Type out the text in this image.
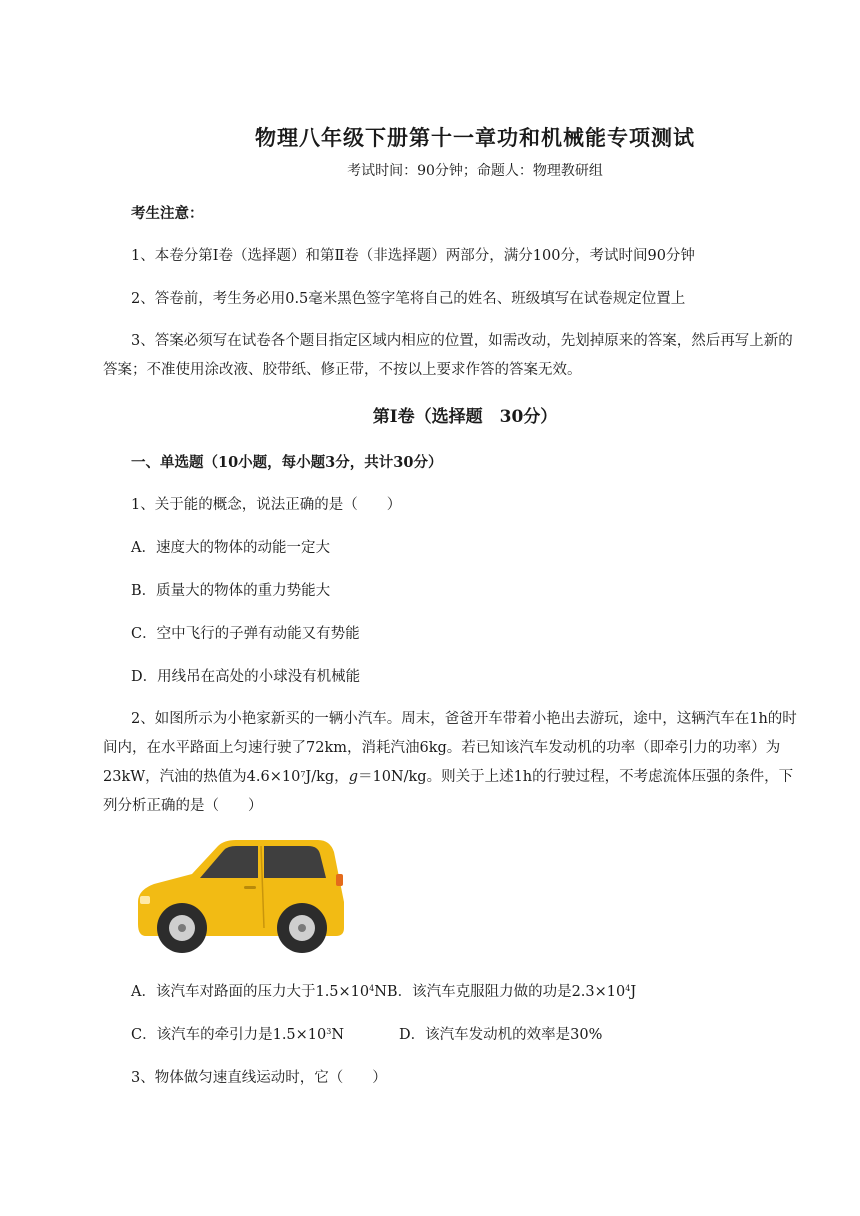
物理八年级下册第十一章功和机械能专项测试
考试时间：90分钟；命题人：物理教研组
考生注意：
1、本卷分第I卷（选择题）和第Ⅱ卷（非选择题）两部分，满分100分，考试时间90分钟
2、答卷前，考生务必用0.5毫米黑色签字笔将自己的姓名、班级填写在试卷规定位置上
3、答案必须写在试卷各个题目指定区域内相应的位置，如需改动，先划掉原来的答案，然后再写上新的答案；不准使用涂改液、胶带纸、修正带，不按以上要求作答的答案无效。
第I卷（选择题　30分）
一、单选题（10小题，每小题3分，共计30分）
1、关于能的概念，说法正确的是（　　）
A．速度大的物体的动能一定大
B．质量大的物体的重力势能大
C．空中飞行的子弹有动能又有势能
D．用线吊在高处的小球没有机械能
2、如图所示为小艳家新买的一辆小汽车。周末，爸爸开车带着小艳出去游玩，途中，这辆汽车在1h的时间内，在水平路面上匀速行驶了72km，消耗汽油6kg。若已知该汽车发动机的功率（即牵引力的功率）为23kW，汽油的热值为$4.6\times 10^7J/kg$，g＝10N/kg。则关于上述1h的行驶过程，不考虑流体压强的条件，下列分析正确的是（　　）
A．该汽车对路面的压力大于$1.5\times 10^4NB$．该汽车克服阻力做的功是$2.3\times 10^4J$
C．该汽车的牵引力是$1.5\times 10^3N$	D．该汽车发动机的效率是30%
3、物体做匀速直线运动时，它（　　）
